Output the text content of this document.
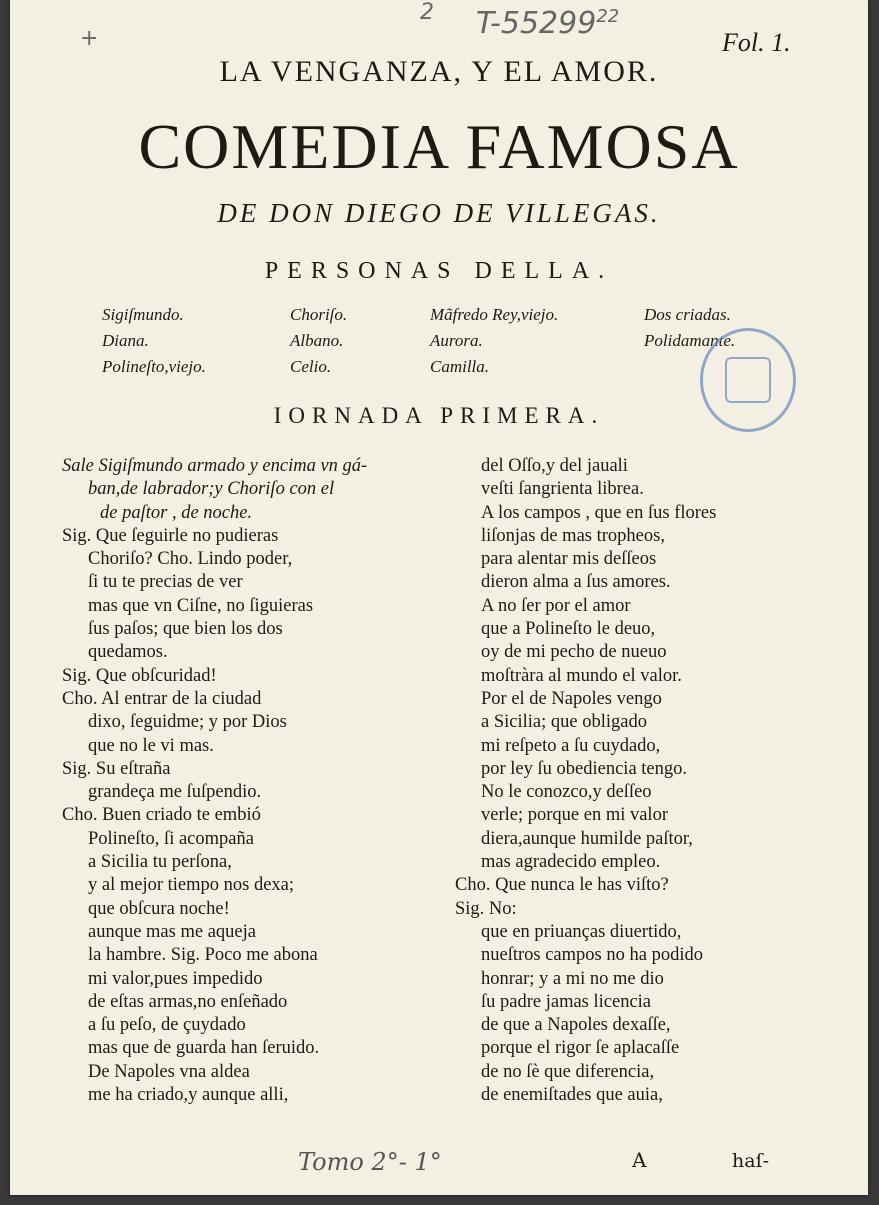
+
2 T-55299$^{22}$
Fol. 1.
LA VENGANZA, Y EL AMOR.
COMEDIA FAMOSA
DE DON DIEGO DE VILLEGAS.
PERSONAS DELLA.
Sigiſmundo.	Choriſo.	Mãfredo Rey,viejo.	Dos criadas.
Diana.	Albano.	Aurora.	Polidamante.
Polineſto,viejo.	Celio.	Camilla.
IORNADA PRIMERA.
Sale Sigiſmundo armado y encima vn gá-
ban,de labrador;y Choriſo con el
de paſtor , de noche.
Sig. Que ſeguirle no pudieras
Choriſo? Cho. Lindo poder,
ſi tu te precias de ver
mas que vn Ciſne, no ſiguieras
ſus paſos; que bien los dos
quedamos.
Sig. Que obſcuridad!
Cho. Al entrar de la ciudad
dixo, ſeguidme; y por Dios
que no le vi mas.
Sig. Su eſtraña
grandeça me ſuſpendio.
Cho. Buen criado te embió
Polineſto, ſi acompaña
a Sicilia tu perſona,
y al mejor tiempo nos dexa;
que obſcura noche!
aunque mas me aqueja
la hambre. Sig. Poco me abona
mi valor,pues impedido
de eſtas armas,no enſeñado
a ſu peſo, de çuydado
mas que de guarda han ſeruido.
De Napoles vna aldea
me ha criado,y aunque alli,
del Oſſo,y del jauali
veſti ſangrienta librea.
A los campos , que en ſus flores
liſonjas de mas tropheos,
para alentar mis deſſeos
dieron alma a ſus amores.
A no ſer por el amor
que a Polineſto le deuo,
oy de mi pecho de nueuo
moſtràra al mundo el valor.
Por el de Napoles vengo
a Sicilia; que obligado
mi reſpeto a ſu cuydado,
por ley ſu obediencia tengo.
No le conozco,y deſſeo
verle; porque en mi valor
diera,aunque humilde paſtor,
mas agradecido empleo.
Cho. Que nunca le has viſto?
Sig. No:
que en priuanças diuertido,
nueſtros campos no ha podido
honrar; y a mi no me dio
ſu padre jamas licencia
de que a Napoles dexaſſe,
porque el rigor ſe aplacaſſe
de no ſè que diferencia,
de enemiſtades que auia,
Tomo 2°- 1°	A	haſ-
